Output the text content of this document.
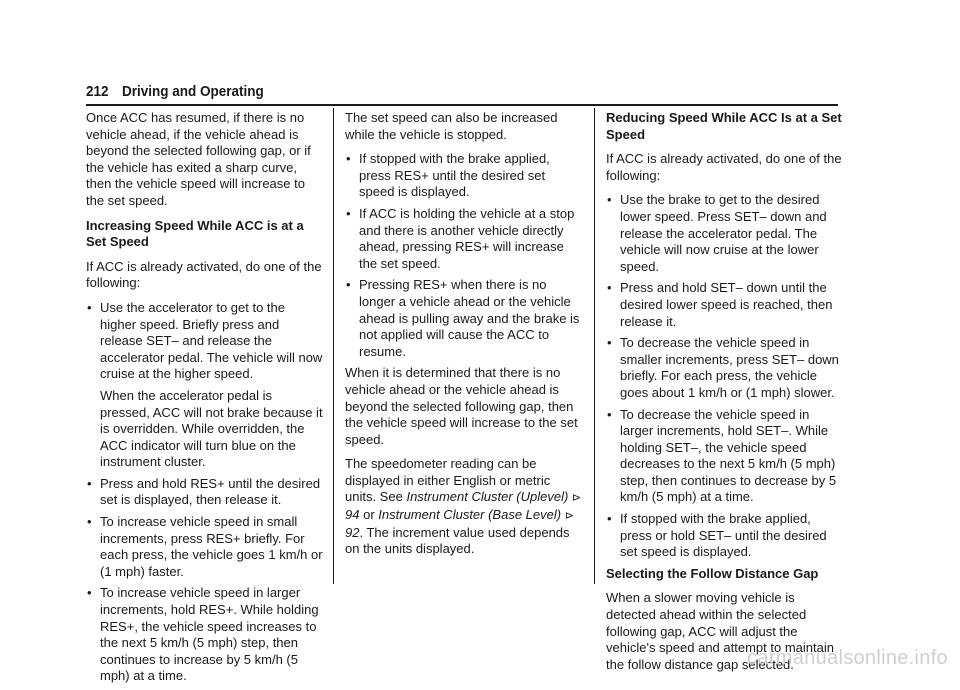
212 Driving and Operating

Once ACC has resumed, if there is no vehicle ahead, if the vehicle ahead is beyond the selected following gap, or if the vehicle has exited a sharp curve, then the vehicle speed will increase to the set speed.

Increasing Speed While ACC is at a Set Speed

If ACC is already activated, do one of the following:

• Use the accelerator to get to the higher speed. Briefly press and release SET– and release the accelerator pedal. The vehicle will now cruise at the higher speed.

When the accelerator pedal is pressed, ACC will not brake because it is overridden. While overridden, the ACC indicator will turn blue on the instrument cluster.

• Press and hold RES+ until the desired set is displayed, then release it.
• To increase vehicle speed in small increments, press RES+ briefly. For each press, the vehicle goes 1 km/h or (1 mph) faster.
• To increase vehicle speed in larger increments, hold RES+. While holding RES+, the vehicle speed increases to the next 5 km/h (5 mph) step, then continues to increase by 5 km/h (5 mph) at a time.

The set speed can also be increased while the vehicle is stopped.

• If stopped with the brake applied, press RES+ until the desired set speed is displayed.
• If ACC is holding the vehicle at a stop and there is another vehicle directly ahead, pressing RES+ will increase the set speed.
• Pressing RES+ when there is no longer a vehicle ahead or the vehicle ahead is pulling away and the brake is not applied will cause the ACC to resume.

When it is determined that there is no vehicle ahead or the vehicle ahead is beyond the selected following gap, then the vehicle speed will increase to the set speed.

The speedometer reading can be displayed in either English or metric units. See Instrument Cluster (Uplevel) ⊳ 94 or Instrument Cluster (Base Level) ⊳ 92. The increment value used depends on the units displayed.

Reducing Speed While ACC Is at a Set Speed

If ACC is already activated, do one of the following:

• Use the brake to get to the desired lower speed. Press SET– down and release the accelerator pedal. The vehicle will now cruise at the lower speed.
• Press and hold SET– down until the desired lower speed is reached, then release it.
• To decrease the vehicle speed in smaller increments, press SET– down briefly. For each press, the vehicle goes about 1 km/h or (1 mph) slower.
• To decrease the vehicle speed in larger increments, hold SET–. While holding SET–, the vehicle speed decreases to the next 5 km/h (5 mph) step, then continues to decrease by 5 km/h (5 mph) at a time.
• If stopped with the brake applied, press or hold SET– until the desired set speed is displayed.

Selecting the Follow Distance Gap

When a slower moving vehicle is detected ahead within the selected following gap, ACC will adjust the vehicle's speed and attempt to maintain the follow distance gap selected.

carmanualsonline.info
